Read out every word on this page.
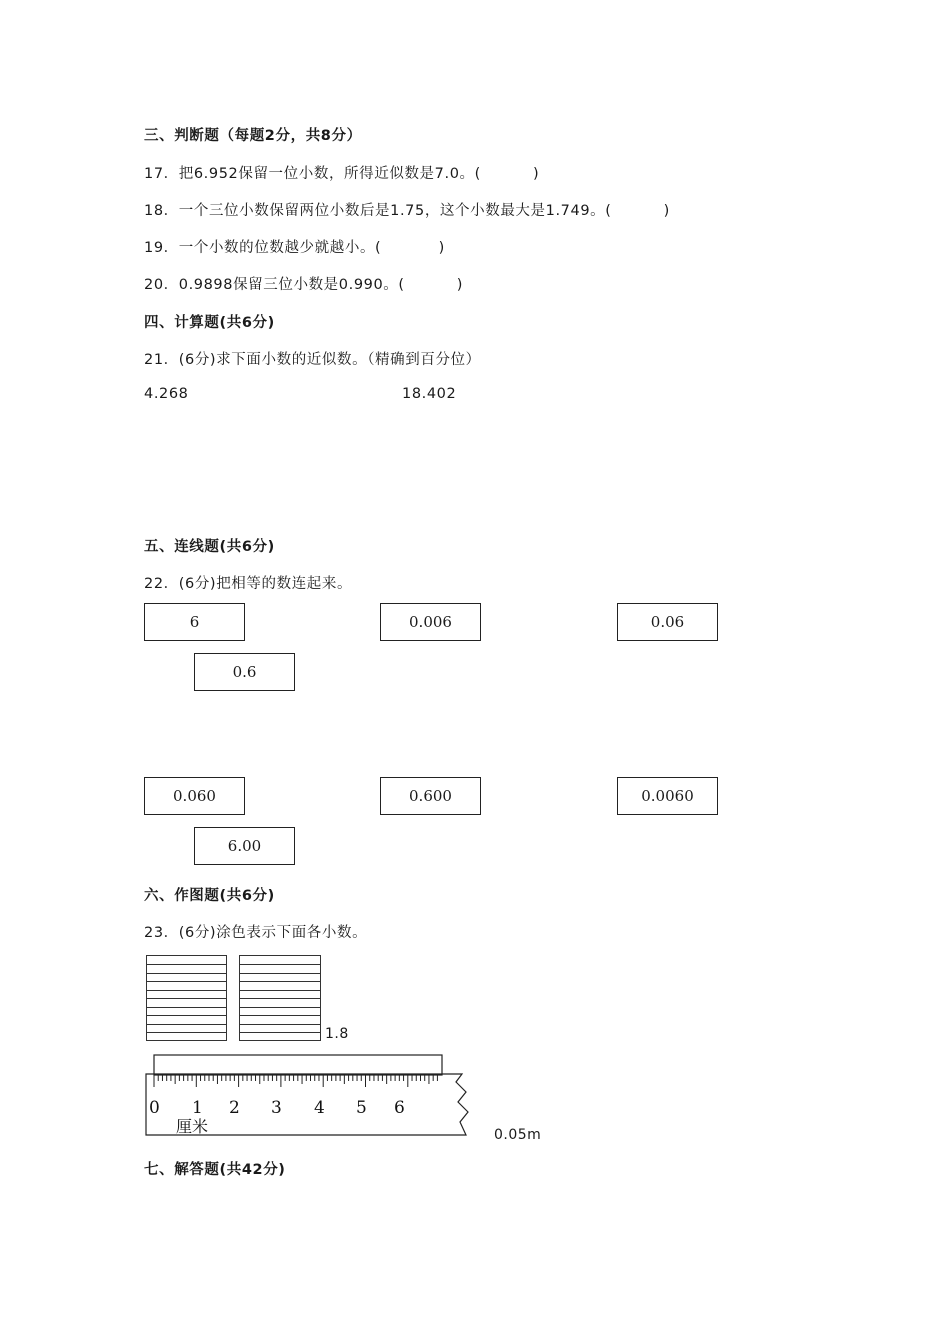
三、判断题（每题2分，共8分）
17．把6.952保留一位小数，所得近似数是7.0。(          )
18．一个三位小数保留两位小数后是1.75，这个小数最大是1.749。(          )
19．一个小数的位数越少就越小。(           )
20．0.9898保留三位小数是0.990。(          )
四、计算题(共6分)
21．(6分)求下面小数的近似数。（精确到百分位）
4.268	18.402
五、连线题(共6分)
22．(6分)把相等的数连起来。
6	0.006	0.06
0.6
0.060	0.600	0.0060
6.00
六、作图题(共6分)
23．(6分)涂色表示下面各小数。
1.8
0 1 2 3 4 5 6
厘米	0.05m
七、解答题(共42分)
